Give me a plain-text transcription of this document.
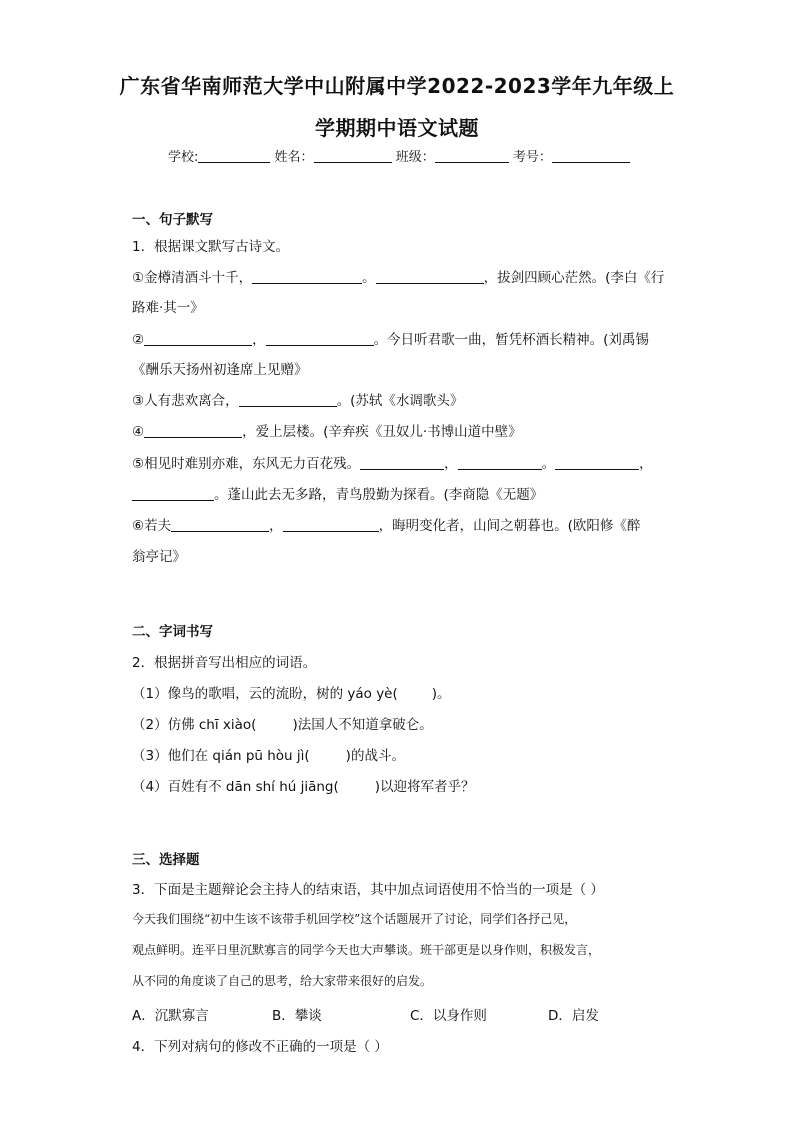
广东省华南师范大学中山附属中学2022-2023学年九年级上
学期期中语文试题
学校:	姓名：	班级：	考号：
一、句子默写
1．根据课文默写古诗文。
①金樽清酒斗十千，	。	，拔剑四顾心茫然。(李白《行
路难·其一》
②	，	。今日听君歌一曲，暂凭杯酒长精神。(刘禹锡
《酬乐天扬州初逢席上见赠》
③人有悲欢离合，	。(苏轼《水调歌头》
④	，爱上层楼。(辛弃疾《丑奴儿·书博山道中壁》
⑤相见时难别亦难，东风无力百花残。	，	。	，
。蓬山此去无多路，青鸟殷勤为探看。(李商隐《无题》
⑥若夫	，	，晦明变化者，山间之朝暮也。(欧阳修《醉
翁亭记》
二、字词书写
2．根据拼音写出相应的词语。
（1）像鸟的歌唱，云的流盼，树的 yáo yè(	)。
（2）仿佛 chī xiào(	)法国人不知道拿破仑。
（3）他们在 qián pū hòu jì(	)的战斗。
（4）百姓有不 dān shí hú jiāng(	)以迎将军者乎？
三、选择题
3．下面是主题辩论会主持人的结束语，其中加点词语使用不恰当的一项是（ ）
今天我们围绕“初中生该不该带手机回学校”这个话题展开了讨论，同学们各抒己见，
观点鲜明。连平日里沉默寡言的同学今天也大声攀谈。班干部更是以身作则，积极发言，
从不同的角度谈了自己的思考，给大家带来很好的启发。
A．沉默寡言	B．攀谈	C．以身作则	D．启发
4．下列对病句的修改不正确的一项是（ ）
